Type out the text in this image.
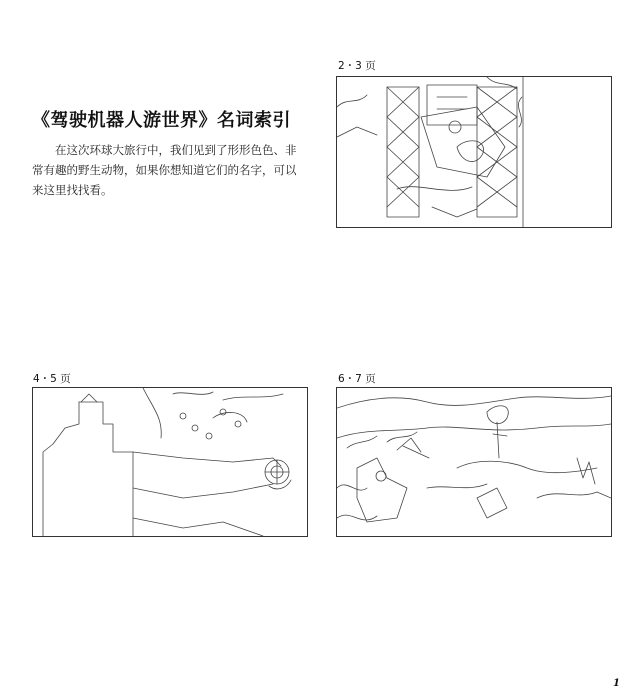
《驾驶机器人游世界》名词索引
在这次环球大旅行中，我们见到了形形色色、非常有趣的野生动物，如果你想知道它们的名字，可以来这里找找看。
2・3 页
4・5 页	6・7 页
1
